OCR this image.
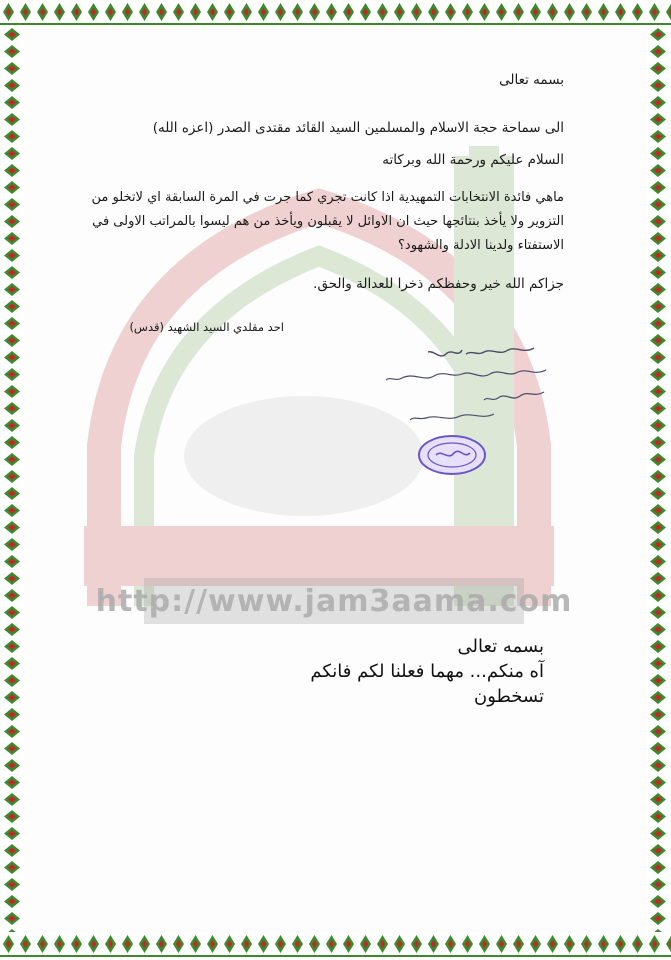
http://www.jam3aama.com
بسمه تعالى
الى سماحة حجة الاسلام والمسلمين السيد القائد مقتدى الصدر (اعزه الله)
السلام عليكم ورحمة الله وبركاته
ماهي فائدة الانتخابات التمهيدية اذا كانت تجري كما جرت في المرة السابقة اي لاتخلو من التزوير ولا يأخذ بنتائجها حيث ان الاوائل لا يقبلون ويأخذ من هم ليسوا بالمراتب الاولى في الاستفتاء ولدينا الادلة والشهود؟
جزاكم الله خير وحفظكم ذخرا للعدالة والحق.
احد مقلدي السيد الشهيد (قدس)
بسمه تعالى
آه منكم... مهما فعلنا لكم فانكم
تسخطون
